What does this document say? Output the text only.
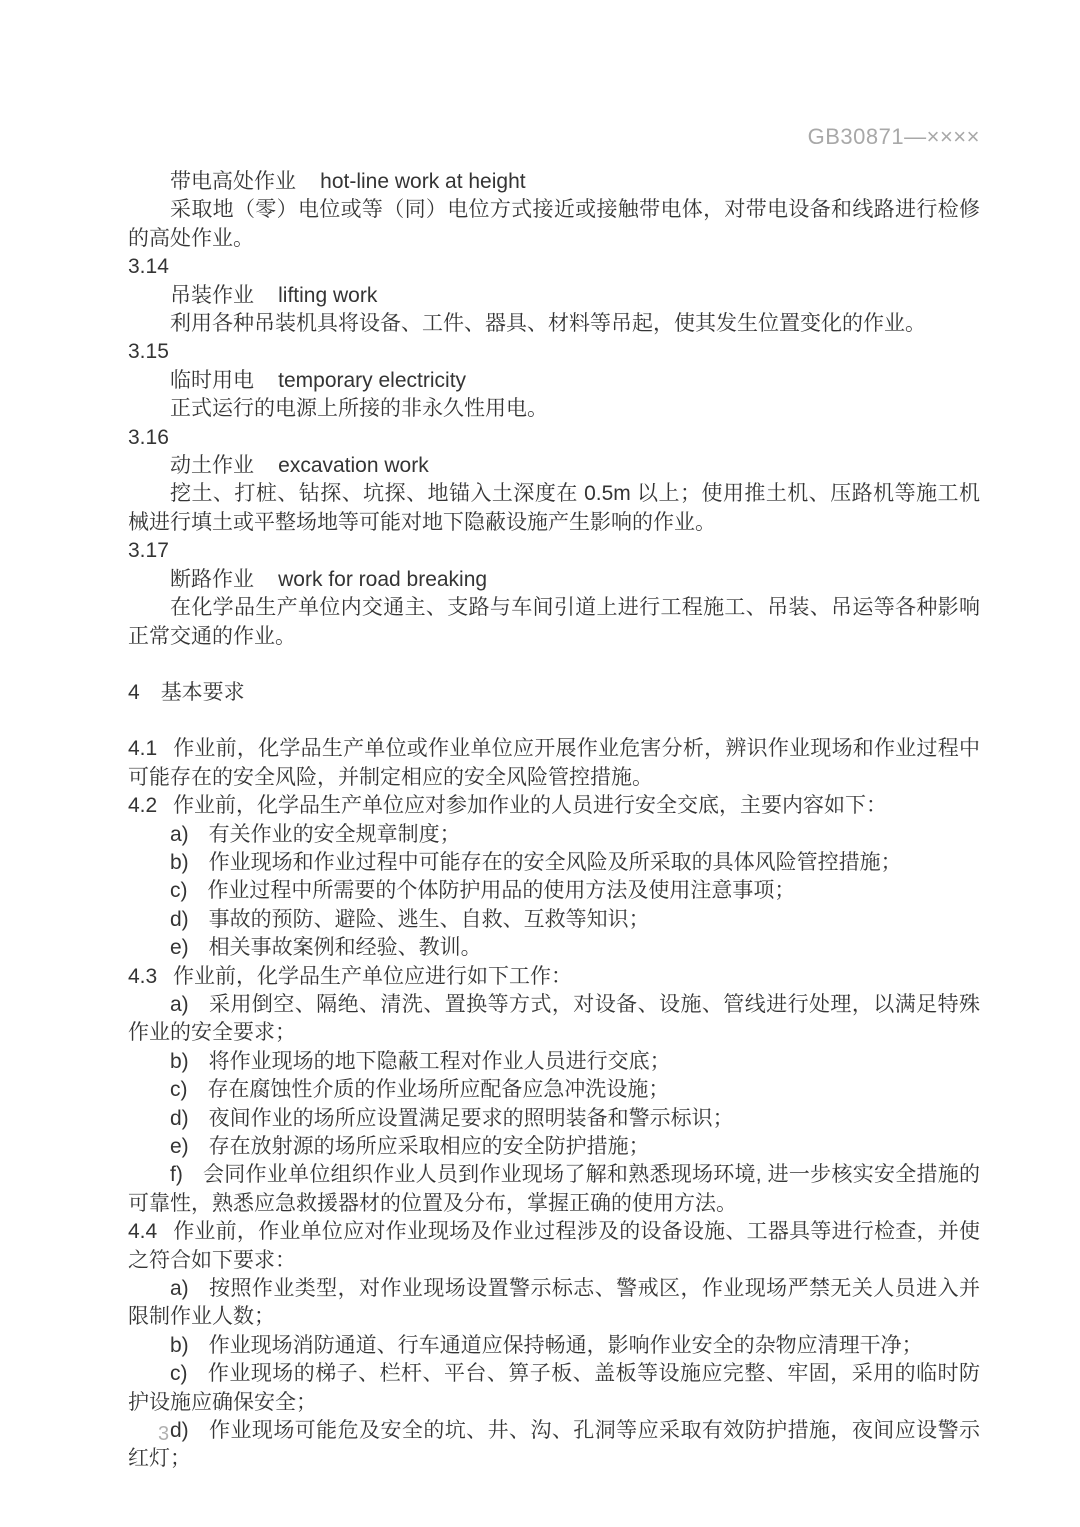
GB30871—××××

带电高处作业 hot-line work at height

采取地（零）电位或等（同）电位方式接近或接触带电体，对带电设备和线路进行检修的高处作业。

3.14

吊装作业 lifting work

利用各种吊装机具将设备、工件、器具、材料等吊起，使其发生位置变化的作业。

3.15

临时用电 temporary electricity

正式运行的电源上所接的非永久性用电。

3.16

动土作业 excavation work

挖土、打桩、钻探、坑探、地锚入土深度在 0.5m 以上；使用推土机、压路机等施工机械进行填土或平整场地等可能对地下隐蔽设施产生影响的作业。

3.17

断路作业 work for road breaking

在化学品生产单位内交通主、支路与车间引道上进行工程施工、吊装、吊运等各种影响正常交通的作业。

4 基本要求

4.1 作业前，化学品生产单位或作业单位应开展作业危害分析，辨识作业现场和作业过程中可能存在的安全风险，并制定相应的安全风险管控措施。

4.2 作业前，化学品生产单位应对参加作业的人员进行安全交底，主要内容如下：

a) 有关作业的安全规章制度；

b) 作业现场和作业过程中可能存在的安全风险及所采取的具体风险管控措施；

c) 作业过程中所需要的个体防护用品的使用方法及使用注意事项；

d) 事故的预防、避险、逃生、自救、互救等知识；

e) 相关事故案例和经验、教训。

4.3 作业前，化学品生产单位应进行如下工作：

a) 采用倒空、隔绝、清洗、置换等方式，对设备、设施、管线进行处理，以满足特殊作业的安全要求；

b) 将作业现场的地下隐蔽工程对作业人员进行交底；

c) 存在腐蚀性介质的作业场所应配备应急冲洗设施；

d) 夜间作业的场所应设置满足要求的照明装备和警示标识；

e) 存在放射源的场所应采取相应的安全防护措施；

f) 会同作业单位组织作业人员到作业现场了解和熟悉现场环境, 进一步核实安全措施的可靠性，熟悉应急救援器材的位置及分布，掌握正确的使用方法。

4.4 作业前，作业单位应对作业现场及作业过程涉及的设备设施、工器具等进行检查，并使之符合如下要求：

a) 按照作业类型，对作业现场设置警示标志、警戒区，作业现场严禁无关人员进入并限制作业人数；

b) 作业现场消防通道、行车通道应保持畅通，影响作业安全的杂物应清理干净；

c) 作业现场的梯子、栏杆、平台、箅子板、盖板等设施应完整、牢固，采用的临时防护设施应确保安全；

d) 作业现场可能危及安全的坑、井、沟、孔洞等应采取有效防护措施，夜间应设警示红灯；

3
